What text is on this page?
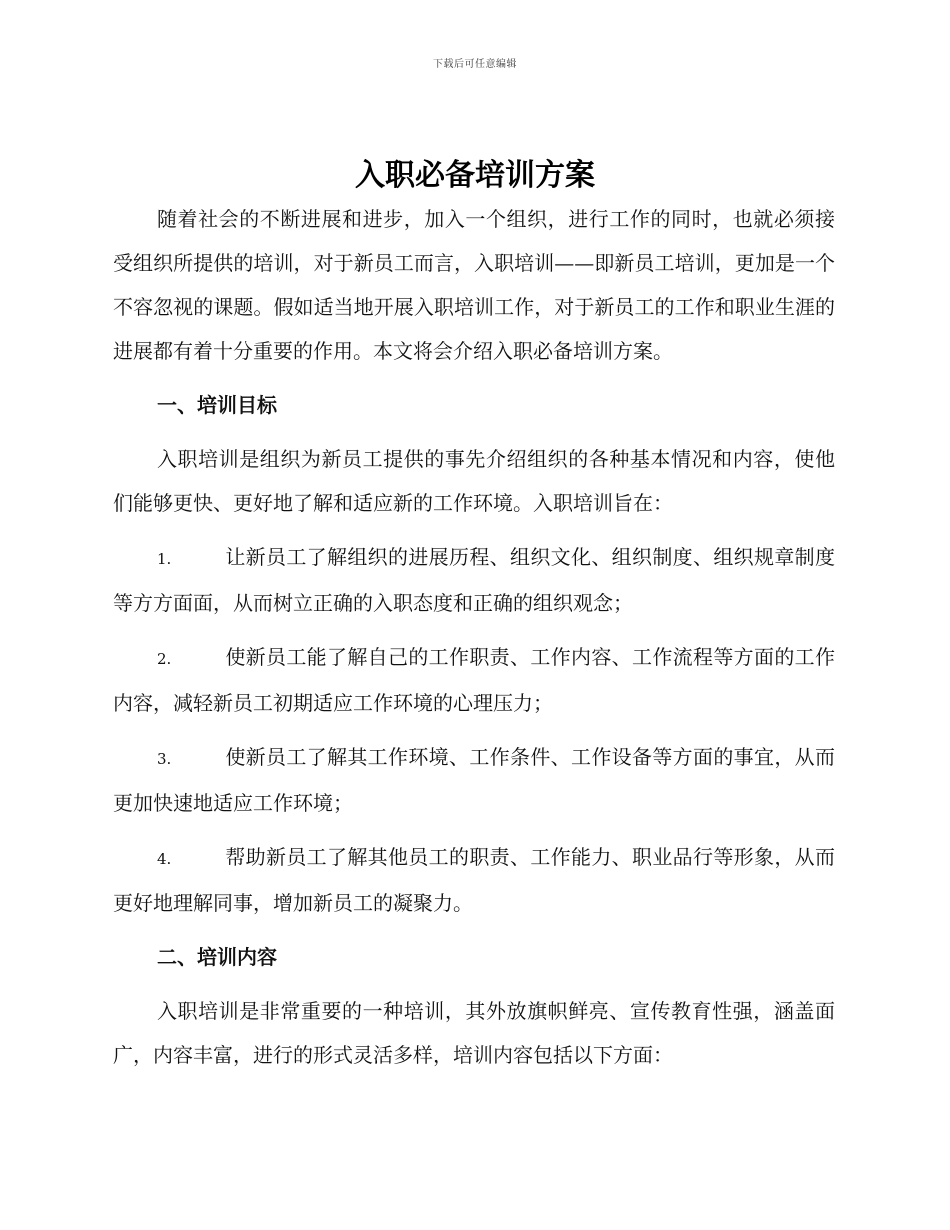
下载后可任意编辑
入职必备培训方案

随着社会的不断进展和进步，加入一个组织，进行工作的同时，也就必须接受组织所提供的培训，对于新员工而言，入职培训——即新员工培训，更加是一个不容忽视的课题。假如适当地开展入职培训工作，对于新员工的工作和职业生涯的进展都有着十分重要的作用。本文将会介绍入职必备培训方案。

一、培训目标

入职培训是组织为新员工提供的事先介绍组织的各种基本情况和内容，使他们能够更快、更好地了解和适应新的工作环境。入职培训旨在：

1.	让新员工了解组织的进展历程、组织文化、组织制度、组织规章制度等方方面面，从而树立正确的入职态度和正确的组织观念；

2.	使新员工能了解自己的工作职责、工作内容、工作流程等方面的工作内容，减轻新员工初期适应工作环境的心理压力；

3.	使新员工了解其工作环境、工作条件、工作设备等方面的事宜，从而更加快速地适应工作环境；

4.	帮助新员工了解其他员工的职责、工作能力、职业品行等形象，从而更好地理解同事，增加新员工的凝聚力。

二、培训内容

入职培训是非常重要的一种培训，其外放旗帜鲜亮、宣传教育性强，涵盖面广，内容丰富，进行的形式灵活多样，培训内容包括以下方面：
